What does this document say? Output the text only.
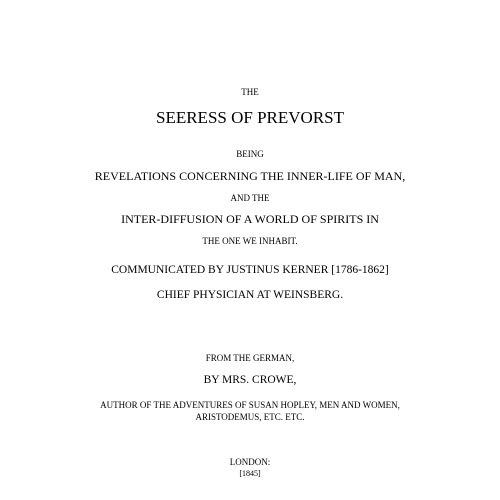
THE
SEERESS OF PREVORST
BEING
REVELATIONS CONCERNING THE INNER-LIFE OF MAN,
AND THE
INTER-DIFFUSION OF A WORLD OF SPIRITS IN
THE ONE WE INHABIT.
COMMUNICATED BY JUSTINUS KERNER [1786-1862]
CHIEF PHYSICIAN AT WEINSBERG.
FROM THE GERMAN,
BY MRS. CROWE,
AUTHOR OF THE ADVENTURES OF SUSAN HOPLEY, MEN AND WOMEN,
ARISTODEMUS, ETC. ETC.
LONDON:
[1845]
